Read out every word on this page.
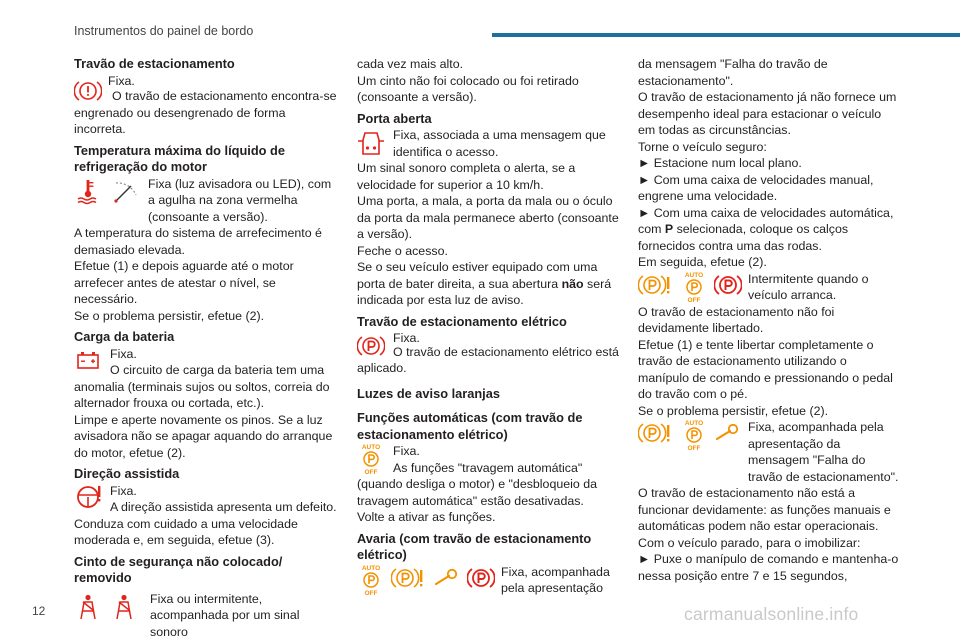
Instrumentos do painel de bordo
Travão de estacionamento

Fixa.

O travão de estacionamento encontra-se engrenado ou desengrenado de forma incorreta.

Temperatura máxima do líquido de refrigeração do motor

Fixa (luz avisadora ou LED), com a agulha na zona vermelha (consoante a versão).

A temperatura do sistema de arrefecimento é demasiado elevada.

Efetue (1) e depois aguarde até o motor arrefecer antes de atestar o nível, se necessário.

Se o problema persistir, efetue (2).

Carga da bateria

Fixa.

O circuito de carga da bateria tem uma anomalia (terminais sujos ou soltos, correia do alternador frouxa ou cortada, etc.).

Limpe e aperte novamente os pinos. Se a luz avisadora não se apagar aquando do arranque do motor, efetue (2).

Direção assistida

Fixa.

A direção assistida apresenta um defeito. Conduza com cuidado a uma velocidade moderada e, em seguida, efetue (3).

Cinto de segurança não colocado/ removido

Fixa ou intermitente, acompanhada por um sinal sonoro

cada vez mais alto.

Um cinto não foi colocado ou foi retirado (consoante a versão).

Porta aberta

Fixa, associada a uma mensagem que identifica o acesso.

Um sinal sonoro completa o alerta, se a velocidade for superior a 10 km/h.

Uma porta, a mala, a porta da mala ou o óculo da porta da mala permanece aberto (consoante a versão).

Feche o acesso.

Se o seu veículo estiver equipado com uma porta de bater direita, a sua abertura não será indicada por esta luz de aviso.

Travão de estacionamento elétrico

Fixa.

O travão de estacionamento elétrico está aplicado.

Luzes de aviso laranjas
Funções automáticas (com travão de estacionamento elétrico)
AUTO
OFF

Fixa.

As funções "travagem automática" (quando desliga o motor) e "desbloqueio da travagem automática" estão desativadas.

Volte a ativar as funções.

Avaria (com travão de estacionamento elétrico)
AUTO
OFF

Fixa, acompanhada pela apresentação

da mensagem "Falha do travão de estacionamento".

O travão de estacionamento já não fornece um desempenho ideal para estacionar o veículo em todas as circunstâncias.

Torne o veículo seguro:

► Estacione num local plano.

► Com uma caixa de velocidades manual, engrene uma velocidade.

► Com uma caixa de velocidades automática, com P selecionada, coloque os calços fornecidos contra uma das rodas.

Em seguida, efetue (2).

AUTO
OFF

Intermitente quando o veículo arranca.

O travão de estacionamento não foi devidamente libertado.

Efetue (1) e tente libertar completamente o travão de estacionamento utilizando o manípulo de comando e pressionando o pedal do travão com o pé.

Se o problema persistir, efetue (2).

AUTO
OFF

Fixa, acompanhada pela apresentação da mensagem "Falha do travão de estacionamento".

O travão de estacionamento não está a funcionar devidamente: as funções manuais e automáticas podem não estar operacionais.

Com o veículo parado, para o imobilizar:

► Puxe o manípulo de comando e mantenha-o nessa posição entre 7 e 15 segundos,

12	carmanualsonline.info
